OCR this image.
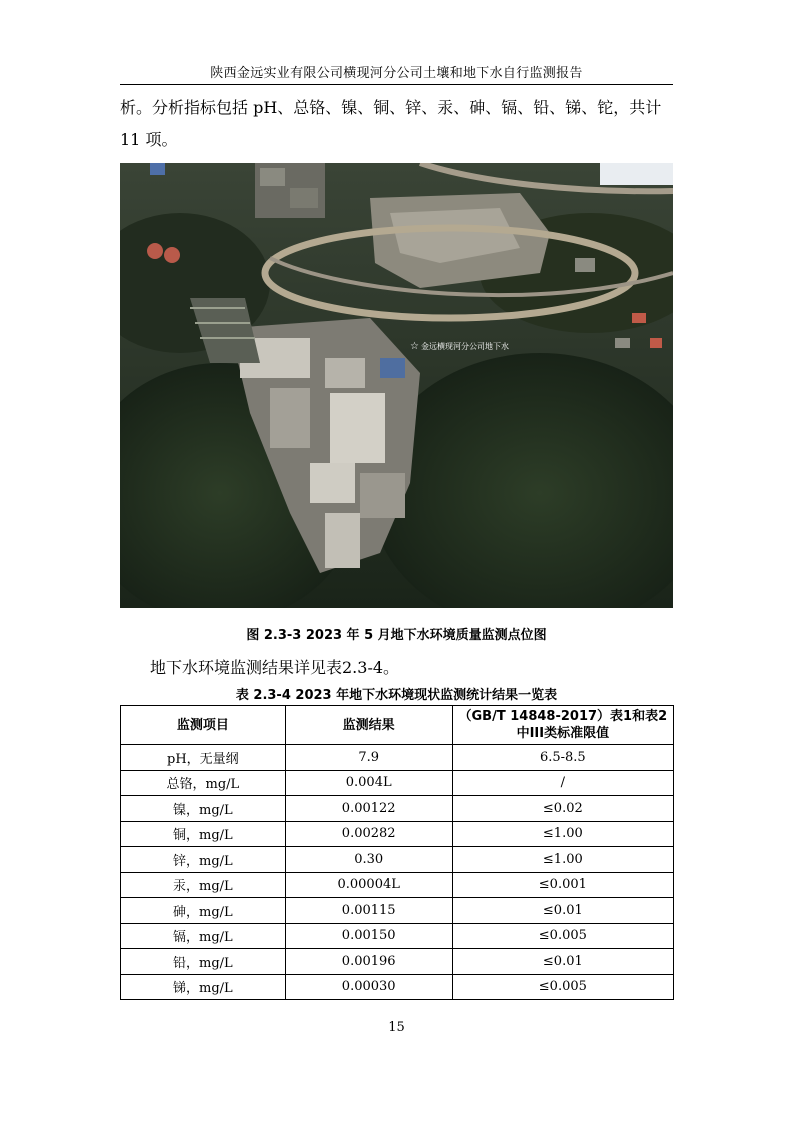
陕西金远实业有限公司横现河分公司土壤和地下水自行监测报告

析。分析指标包括 pH、总铬、镍、铜、锌、汞、砷、镉、铅、锑、铊，共计 11 项。

☆ 金远横现河分公司地下水
图 2.3-3 2023 年 5 月地下水环境质量监测点位图

地下水环境监测结果详见表2.3-4。

表 2.3-4 2023 年地下水环境现状监测统计结果一览表
监测项目	监测结果	（GB/T 14848-2017）表1和表2中III类标准限值
pH，无量纲	7.9	6.5-8.5
总铬，mg/L	0.004L	/
镍，mg/L	0.00122	≤0.02
铜，mg/L	0.00282	≤1.00
锌，mg/L	0.30	≤1.00
汞，mg/L	0.00004L	≤0.001
砷，mg/L	0.00115	≤0.01
镉，mg/L	0.00150	≤0.005
铅，mg/L	0.00196	≤0.01
锑，mg/L	0.00030	≤0.005
15
